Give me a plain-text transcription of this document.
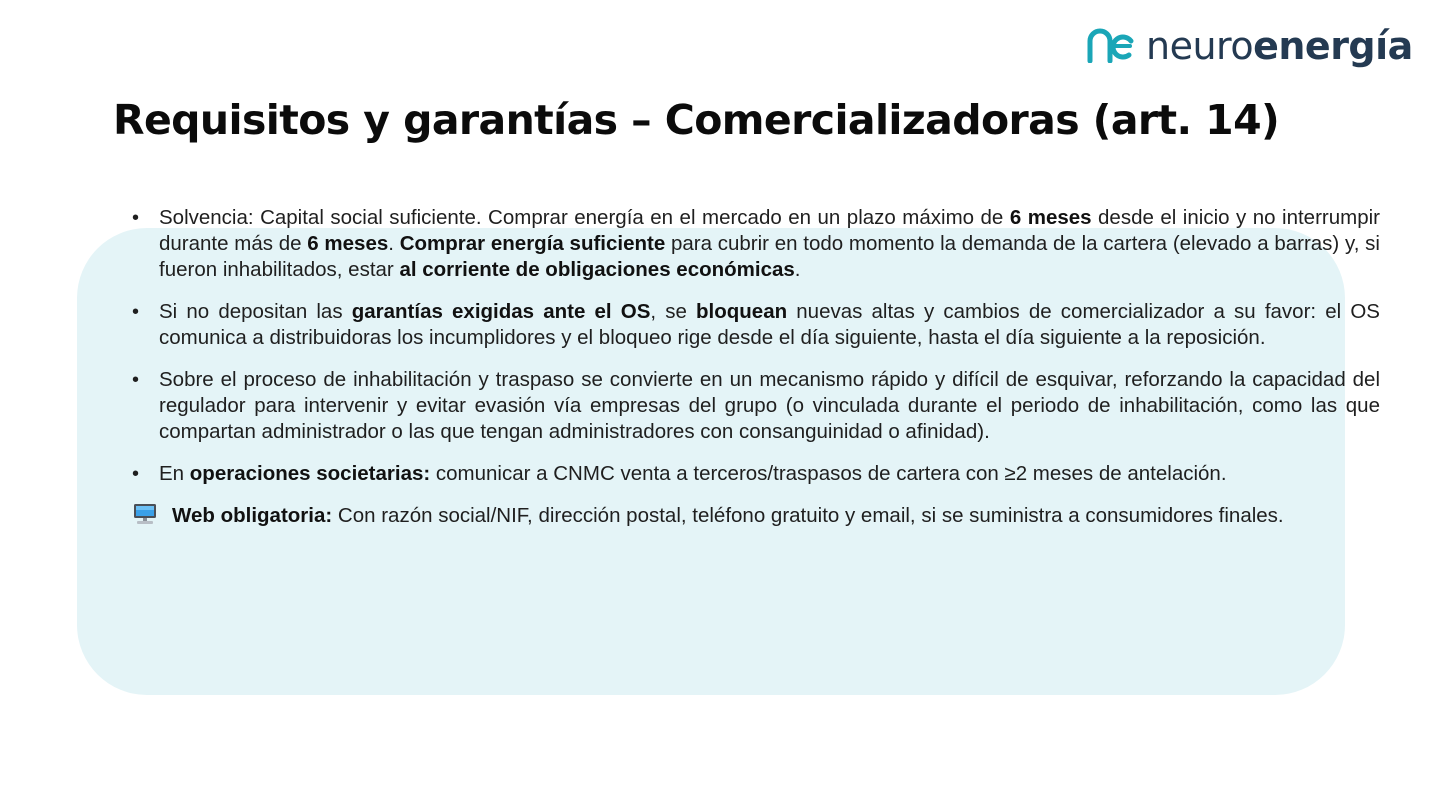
neuroenergía
Requisitos y garantías – Comercializadoras (art. 14)
• Solvencia: Capital social suficiente. Comprar energía en el mercado en un plazo máximo de 6 meses desde el inicio y no interrumpir durante más de 6 meses. Comprar energía suficiente para cubrir en todo momento la demanda de la cartera (elevado a barras) y, si fueron inhabilitados, estar al corriente de obligaciones económicas.
• Si no depositan las garantías exigidas ante el OS, se bloquean nuevas altas y cambios de comercializador a su favor: el OS comunica a distribuidoras los incumplidores y el bloqueo rige desde el día siguiente, hasta el día siguiente a la reposición.
• Sobre el proceso de inhabilitación y traspaso se convierte en un mecanismo rápido y difícil de esquivar, reforzando la capacidad del regulador para intervenir y evitar evasión vía empresas del grupo (o vinculada durante el periodo de inhabilitación, como las que compartan administrador o las que tengan administradores con consanguinidad o afinidad).
• En operaciones societarias: comunicar a CNMC venta a terceros/traspasos de cartera con ≥2 meses de antelación.
Web obligatoria: Con razón social/NIF, dirección postal, teléfono gratuito y email, si se suministra a consumidores finales.
